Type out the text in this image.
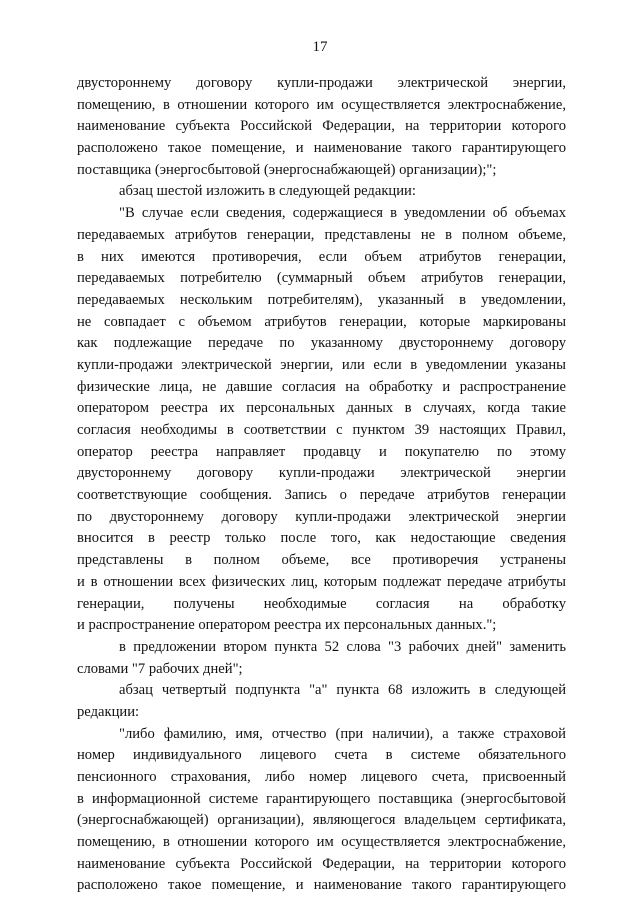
17
двустороннему договору купли-продажи электрической энергии,
помещению, в отношении которого им осуществляется электроснабжение,
наименование субъекта Российской Федерации, на территории которого
расположено такое помещение, и наименование такого гарантирующего
поставщика (энергосбытовой (энергоснабжающей) организации);";
абзац шестой изложить в следующей редакции:
"В случае если сведения, содержащиеся в уведомлении об объемах
передаваемых атрибутов генерации, представлены не в полном объеме,
в них имеются противоречия, если объем атрибутов генерации,
передаваемых потребителю (суммарный объем атрибутов генерации,
передаваемых нескольким потребителям), указанный в уведомлении,
не совпадает с объемом атрибутов генерации, которые маркированы
как подлежащие передаче по указанному двустороннему договору
купли-продажи электрической энергии, или если в уведомлении указаны
физические лица, не давшие согласия на обработку и распространение
оператором реестра их персональных данных в случаях, когда такие
согласия необходимы в соответствии с пунктом 39 настоящих Правил,
оператор реестра направляет продавцу и покупателю по этому
двустороннему договору купли-продажи электрической энергии
соответствующие сообщения. Запись о передаче атрибутов генерации
по двустороннему договору купли-продажи электрической энергии
вносится в реестр только после того, как недостающие сведения
представлены в полном объеме, все противоречия устранены
и в отношении всех физических лиц, которым подлежат передаче атрибуты
генерации, получены необходимые согласия на обработку
и распространение оператором реестра их персональных данных.";
в предложении втором пункта 52 слова "3 рабочих дней" заменить
словами "7 рабочих дней";
абзац четвертый подпункта "а" пункта 68 изложить в следующей
редакции:
"либо фамилию, имя, отчество (при наличии), а также страховой
номер индивидуального лицевого счета в системе обязательного
пенсионного страхования, либо номер лицевого счета, присвоенный
в информационной системе гарантирующего поставщика (энергосбытовой
(энергоснабжающей) организации), являющегося владельцем сертификата,
помещению, в отношении которого им осуществляется электроснабжение,
наименование субъекта Российской Федерации, на территории которого
расположено такое помещение, и наименование такого гарантирующего
